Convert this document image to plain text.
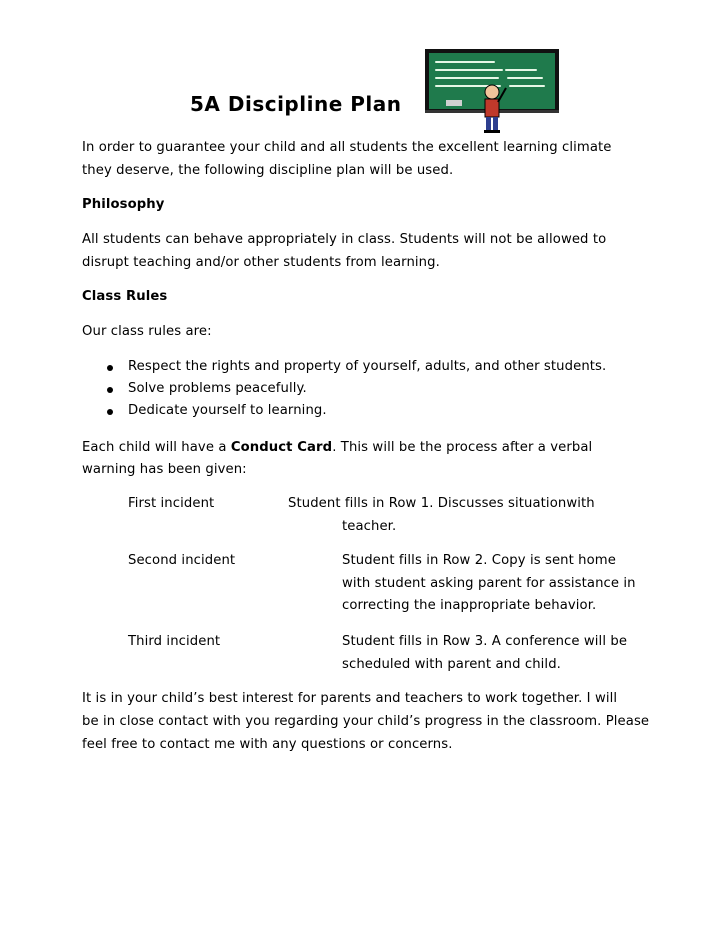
5A Discipline Plan
In order to guarantee your child and all students the excellent learning climate
they deserve, the following discipline plan will be used.
Philosophy
All students can behave appropriately in class. Students will not be allowed to
disrupt teaching and/or other students from learning.
Class Rules
Our class rules are:
Respect the rights and property of yourself, adults, and other students.
Solve problems peacefully.
Dedicate yourself to learning.
Each child will have a Conduct Card. This will be the process after a verbal
warning has been given:
First incident	Student fills in Row 1. Discusses situationwith
teacher.
Second incident	Student fills in Row 2. Copy is sent home
with student asking parent for assistance in
correcting the inappropriate behavior.
Third incident	Student fills in Row 3. A conference will be
scheduled with parent and child.
It is in your child’s best interest for parents and teachers to work together. I will
be in close contact with you regarding your child’s progress in the classroom. Please
feel free to contact me with any questions or concerns.
